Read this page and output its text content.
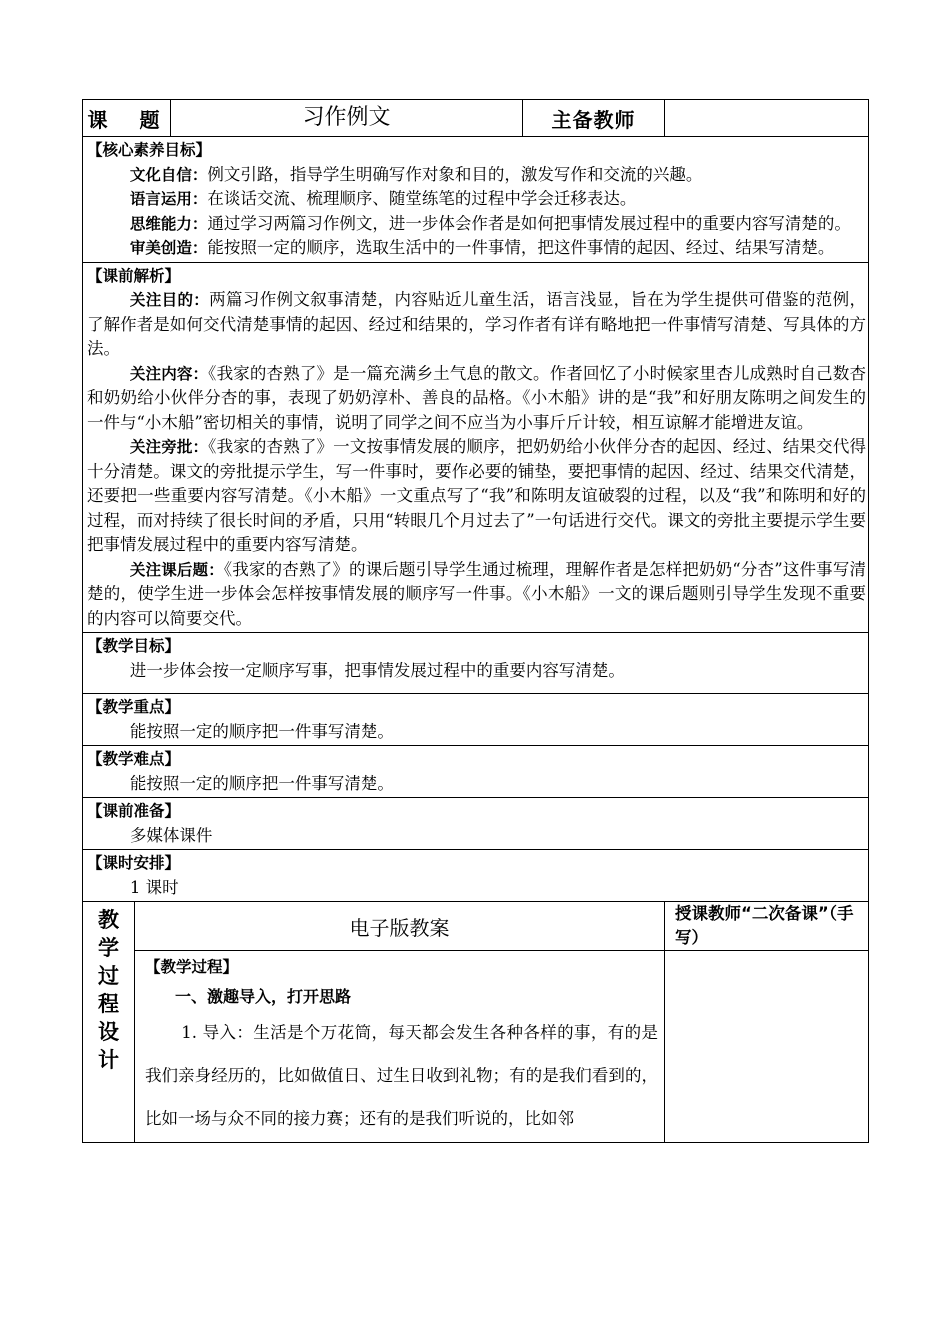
课　题		习作例文	主备教师	

【核心素养目标】

文化自信：例文引路，指导学生明确写作对象和目的，激发写作和交流的兴趣。

语言运用：在谈话交流、梳理顺序、随堂练笔的过程中学会迁移表达。

思维能力：通过学习两篇习作例文，进一步体会作者是如何把事情发展过程中的重要内容写清楚的。

审美创造：能按照一定的顺序，选取生活中的一件事情，把这件事情的起因、经过、结果写清楚。				

【课前解析】

关注目的：两篇习作例文叙事清楚，内容贴近儿童生活，语言浅显，旨在为学生提供可借鉴的范例，了解作者是如何交代清楚事情的起因、经过和结果的，学习作者有详有略地把一件事情写清楚、写具体的方法。

关注内容：《我家的杏熟了》是一篇充满乡土气息的散文。作者回忆了小时候家里杏儿成熟时自己数杏和奶奶给小伙伴分杏的事，表现了奶奶淳朴、善良的品格。《小木船》讲的是“我”和好朋友陈明之间发生的一件与“小木船”密切相关的事情，说明了同学之间不应当为小事斤斤计较，相互谅解才能增进友谊。

关注旁批：《我家的杏熟了》一文按事情发展的顺序，把奶奶给小伙伴分杏的起因、经过、结果交代得十分清楚。课文的旁批提示学生，写一件事时，要作必要的铺垫，要把事情的起因、经过、结果交代清楚，还要把一些重要内容写清楚。《小木船》一文重点写了“我”和陈明友谊破裂的过程，以及“我”和陈明和好的过程，而对持续了很长时间的矛盾，只用“转眼几个月过去了”一句话进行交代。课文的旁批主要提示学生要把事情发展过程中的重要内容写清楚。

关注课后题：《我家的杏熟了》的课后题引导学生通过梳理，理解作者是怎样把奶奶“分杏”这件事写清楚的，使学生进一步体会怎样按事情发展的顺序写一件事。《小木船》一文的课后题则引导学生发现不重要的内容可以简要交代。				

【教学目标】

进一步体会按一定顺序写事，把事情发展过程中的重要内容写清楚。				

【教学重点】

能按照一定的顺序把一件事写清楚。				

【教学难点】

能按照一定的顺序把一件事写清楚。				

【课前准备】

多媒体课件				

【课时安排】

1 课时				

教学过程设计	电子版教案			授课教师“二次备课”（手写）

	【教学过程】
一、激趣导入，打开思路

1. 导入：生活是个万花筒，每天都会发生各种各样的事，有的是我们亲身经历的，比如做值日、过生日收到礼物；有的是我们看到的，比如一场与众不同的接力赛；还有的是我们听说的，比如邻			
